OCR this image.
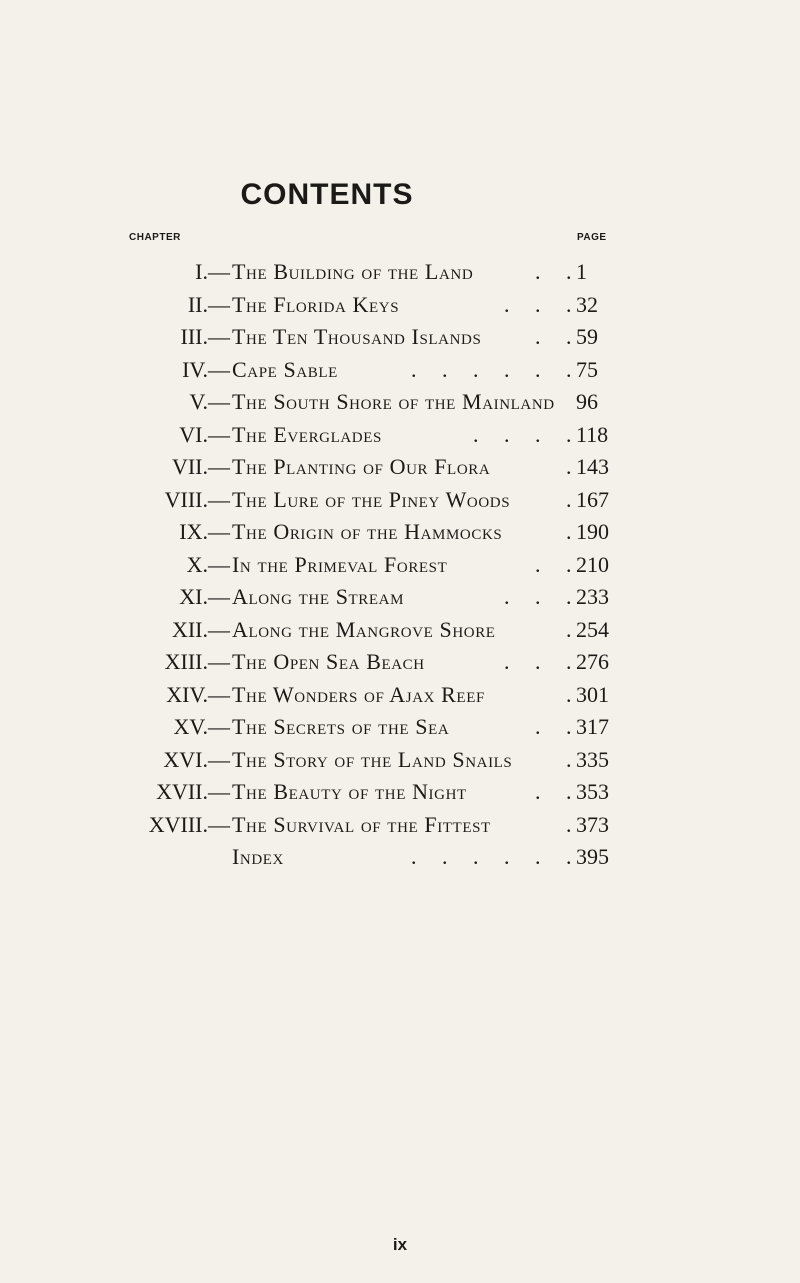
CONTENTS
CHAPTER	PAGE
I. — The Building of the Land	. . 1
II. — The Florida Keys	. . . 32
III. — The Ten Thousand Islands . . 59
IV. — Cape Sable	. . . . . . 75
V. — The South Shore of the Mainland 96
VI. — The Everglades	. . . . 118
VII. — The Planting of Our Flora	. 143
VIII. — The Lure of the Piney Woods	. 167
IX. — The Origin of the Hammocks	. 190
X. — In the Primeval Forest	. . 210
XI. — Along the Stream	. . . 233
XII. — Along the Mangrove Shore	. 254
XIII. — The Open Sea Beach	. . . 276
XIV. — The Wonders of Ajax Reef	. 301
XV. — The Secrets of the Sea	. . 317
XVI. — The Story of the Land Snails . 335
XVII. — The Beauty of the Night	. . 353
XVIII. — The Survival of the Fittest	. 373
Index	. . . . . . 395
ix
